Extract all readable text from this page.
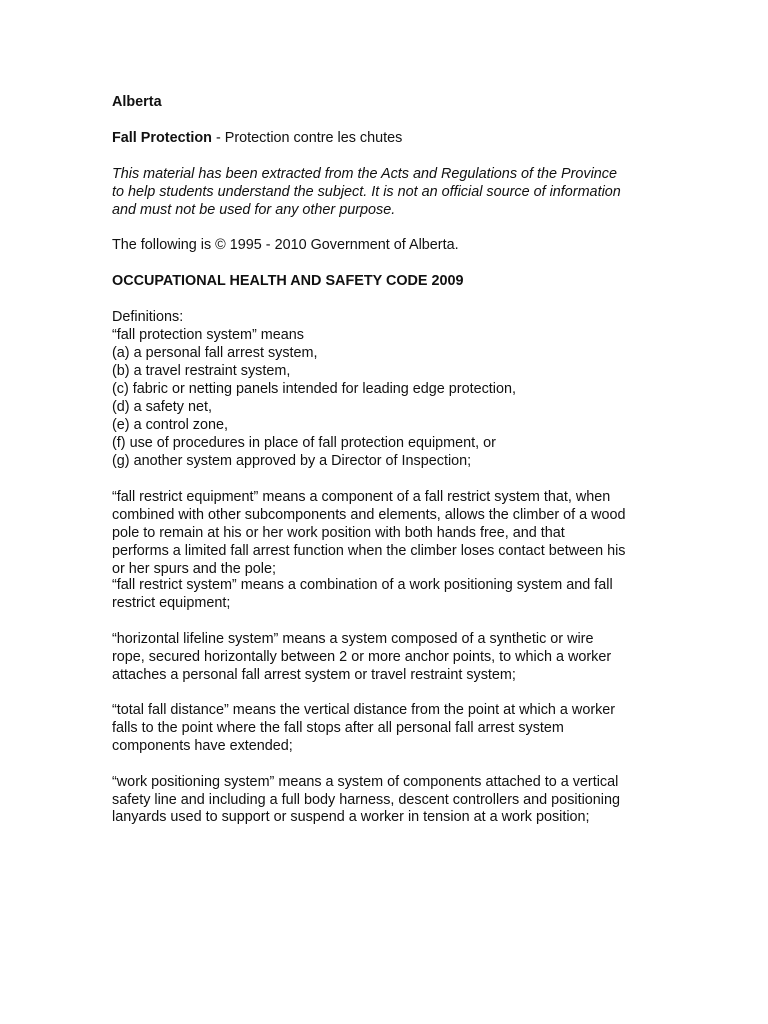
Alberta
Fall Protection - Protection contre les chutes
This material has been extracted from the Acts and Regulations of the Province
to help students understand the subject. It is not an official source of information
and must not be used for any other purpose.
The following is © 1995 - 2010 Government of Alberta.
OCCUPATIONAL HEALTH AND SAFETY CODE 2009
Definitions:
“fall protection system” means
(a) a personal fall arrest system,
(b) a travel restraint system,
(c) fabric or netting panels intended for leading edge protection,
(d) a safety net,
(e) a control zone,
(f) use of procedures in place of fall protection equipment, or
(g) another system approved by a Director of Inspection;
“fall restrict equipment” means a component of a fall restrict system that, when
combined with other subcomponents and elements, allows the climber of a wood
pole to remain at his or her work position with both hands free, and that
performs a limited fall arrest function when the climber loses contact between his
or her spurs and the pole;
“fall restrict system” means a combination of a work positioning system and fall
restrict equipment;
“horizontal lifeline system” means a system composed of a synthetic or wire
rope, secured horizontally between 2 or more anchor points, to which a worker
attaches a personal fall arrest system or travel restraint system;
“total fall distance” means the vertical distance from the point at which a worker
falls to the point where the fall stops after all personal fall arrest system
components have extended;
“work positioning system” means a system of components attached to a vertical
safety line and including a full body harness, descent controllers and positioning
lanyards used to support or suspend a worker in tension at a work position;
